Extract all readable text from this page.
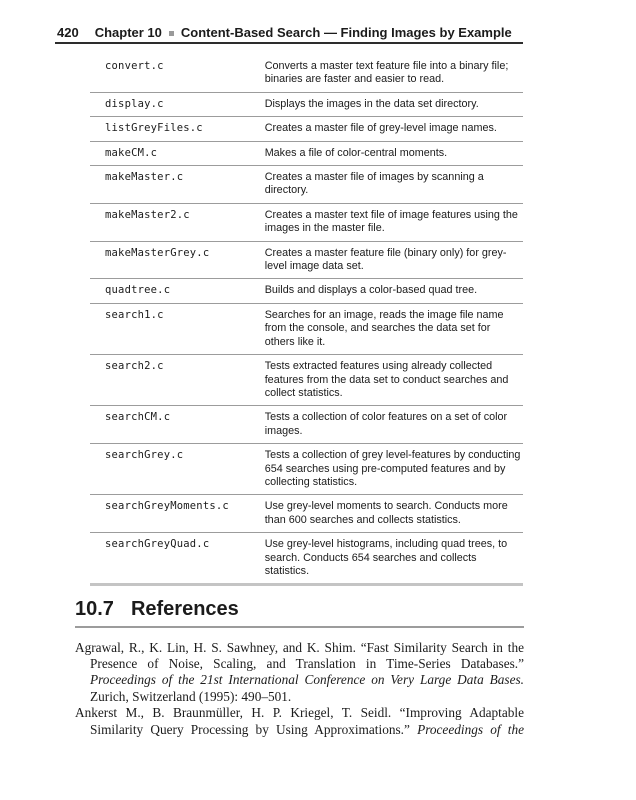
420 Chapter 10 Content-Based Search — Finding Images by Example
convert.c	Converts a master text feature file into a binary file; binaries are faster and easier to read.
display.c	Displays the images in the data set directory.
listGreyFiles.c	Creates a master file of grey-level image names.
makeCM.c	Makes a file of color-central moments.
makeMaster.c	Creates a master file of images by scanning a directory.
makeMaster2.c	Creates a master text file of image features using the images in the master file.
makeMasterGrey.c	Creates a master feature file (binary only) for grey-level image data set.
quadtree.c	Builds and displays a color-based quad tree.
search1.c	Searches for an image, reads the image file name from the console, and searches the data set for others like it.
search2.c	Tests extracted features using already collected features from the data set to conduct searches and collect statistics.
searchCM.c	Tests a collection of color features on a set of color images.
searchGrey.c	Tests a collection of grey level-features by conducting 654 searches using pre-computed features and by collecting statistics.
searchGreyMoments.c	Use grey-level moments to search. Conducts more than 600 searches and collects statistics.
searchGreyQuad.c	Use grey-level histograms, including quad trees, to search. Conducts 654 searches and collects statistics.
10.7 References

Agrawal, R., K. Lin, H. S. Sawhney, and K. Shim. “Fast Similarity Search in the Presence of Noise, Scaling, and Translation in Time-Series Databases.” Proceedings of the 21st International Conference on Very Large Data Bases. Zurich, Switzerland (1995): 490–501.

Ankerst M., B. Braunmüller, H. P. Kriegel, T. Seidl. “Improving Adaptable Similarity Query Processing by Using Approximations.” Proceedings of the
